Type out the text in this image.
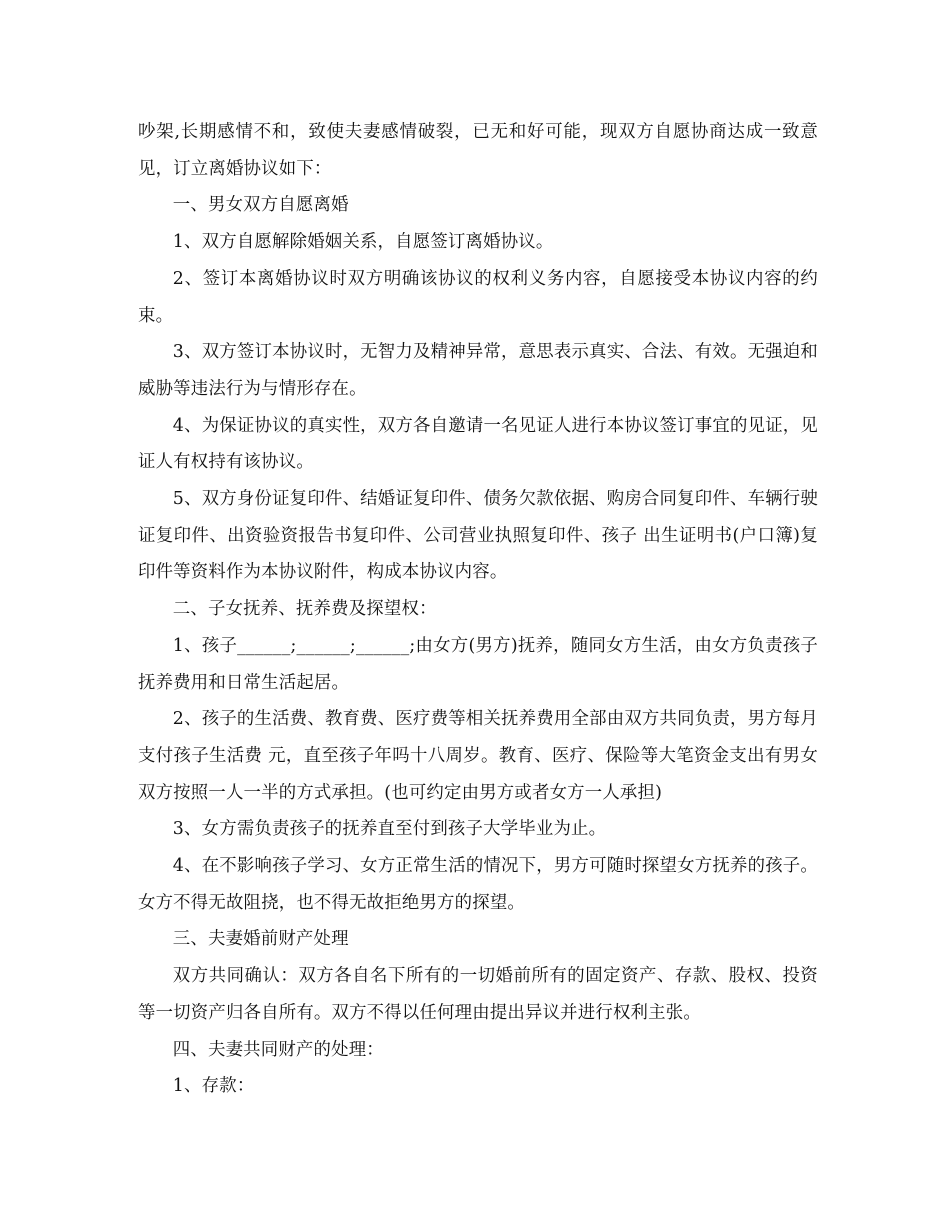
吵架,长期感情不和，致使夫妻感情破裂，已无和好可能，现双方自愿协商达成一致意见，订立离婚协议如下：

一、男女双方自愿离婚

1、双方自愿解除婚姻关系，自愿签订离婚协议。

2、签订本离婚协议时双方明确该协议的权利义务内容，自愿接受本协议内容的约束。

3、双方签订本协议时，无智力及精神异常，意思表示真实、合法、有效。无强迫和威胁等违法行为与情形存在。

4、为保证协议的真实性，双方各自邀请一名见证人进行本协议签订事宜的见证，见证人有权持有该协议。

5、双方身份证复印件、结婚证复印件、债务欠款依据、购房合同复印件、车辆行驶证复印件、出资验资报告书复印件、公司营业执照复印件、孩子 出生证明书(户口簿)复印件等资料作为本协议附件，构成本协议内容。

二、子女抚养、抚养费及探望权：

1、孩子______;______;______;由女方(男方)抚养，随同女方生活，由女方负责孩子抚养费用和日常生活起居。

2、孩子的生活费、教育费、医疗费等相关抚养费用全部由双方共同负责，男方每月支付孩子生活费 元，直至孩子年吗十八周岁。教育、医疗、保险等大笔资金支出有男女双方按照一人一半的方式承担。(也可约定由男方或者女方一人承担)

3、女方需负责孩子的抚养直至付到孩子大学毕业为止。

4、在不影响孩子学习、女方正常生活的情况下，男方可随时探望女方抚养的孩子。女方不得无故阻挠，也不得无故拒绝男方的探望。

三、夫妻婚前财产处理

双方共同确认：双方各自名下所有的一切婚前所有的固定资产、存款、股权、投资等一切资产归各自所有。双方不得以任何理由提出异议并进行权利主张。

四、夫妻共同财产的处理：

1、存款：
